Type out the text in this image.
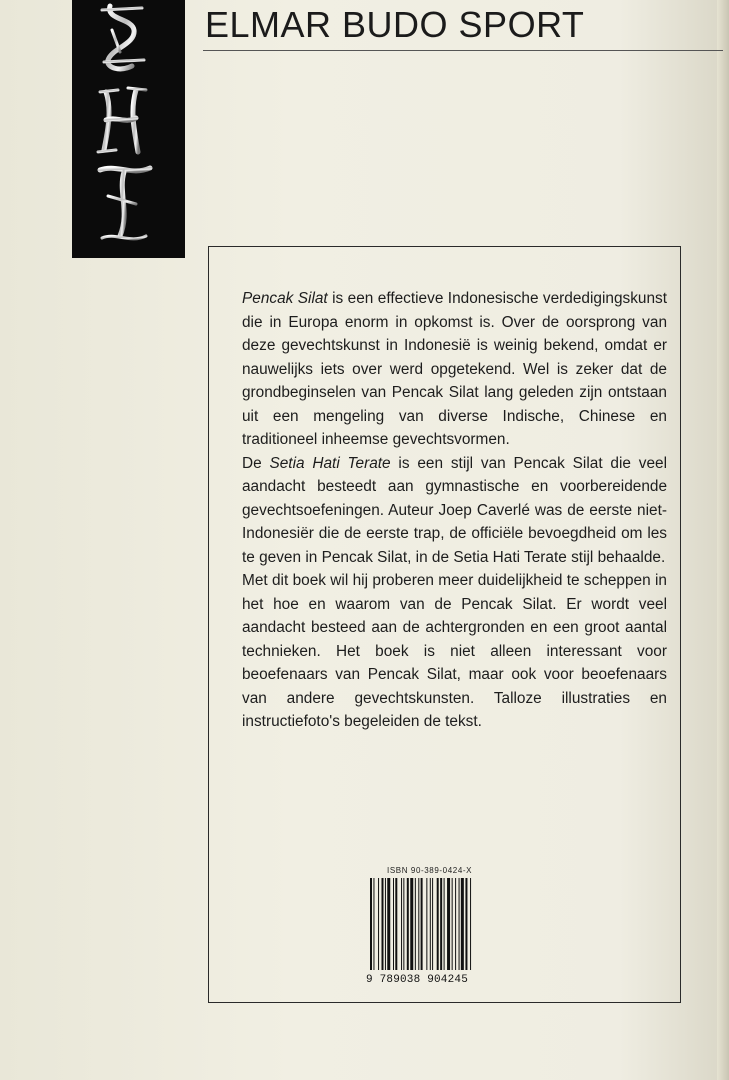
ELMAR BUDO SPORT

Pencak Silat is een effectieve Indonesische verdedigingskunst die in Europa enorm in opkomst is. Over de oorsprong van deze gevechtskunst in Indonesië is weinig bekend, omdat er nauwelijks iets over werd opgetekend. Wel is zeker dat de grondbeginselen van Pencak Silat lang geleden zijn ontstaan uit een mengeling van diverse Indische, Chinese en traditioneel inheemse gevechtsvormen.

De Setia Hati Terate is een stijl van Pencak Silat die veel aandacht besteedt aan gymnastische en voorbereidende gevechtsoefeningen. Auteur Joep Caverlé was de eerste niet-Indonesiër die de eerste trap, de officiële bevoegdheid om les te geven in Pencak Silat, in de Setia Hati Terate stijl behaalde.

Met dit boek wil hij proberen meer duidelijkheid te scheppen in het hoe en waarom van de Pencak Silat. Er wordt veel aandacht besteed aan de achtergronden en een groot aantal technieken. Het boek is niet alleen interessant voor beoefenaars van Pencak Silat, maar ook voor beoefenaars van andere gevechtskunsten. Talloze illustraties en instructiefoto's begeleiden de tekst.

ISBN 90-389-0424-X
9 789038 904245
